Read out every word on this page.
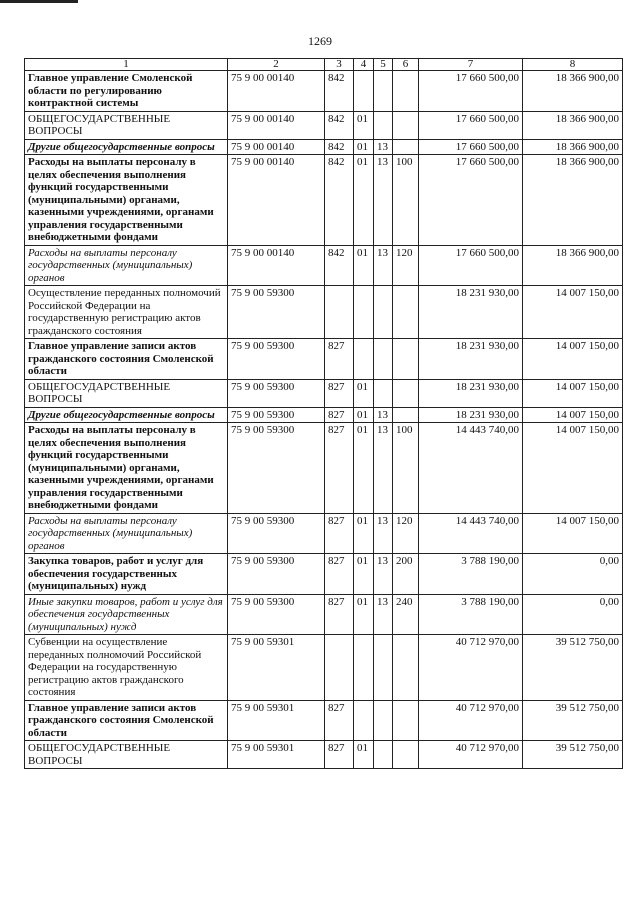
1269
1	2	3	4	5	6	7	8
Главное управление Смоленской области по регулированию контрактной системы	75 9 00 00140	842				17 660 500,00	18 366 900,00
ОБЩЕГОСУДАРСТВЕННЫЕ ВОПРОСЫ	75 9 00 00140	842	01			17 660 500,00	18 366 900,00
Другие общегосударственные вопросы	75 9 00 00140	842	01	13		17 660 500,00	18 366 900,00
Расходы на выплаты персоналу в целях обеспечения выполнения функций государственными (муниципальными) органами, казенными учреждениями, органами управления государственными внебюджетными фондами	75 9 00 00140	842	01	13	100	17 660 500,00	18 366 900,00
Расходы на выплаты персоналу государственных (муниципальных) органов	75 9 00 00140	842	01	13	120	17 660 500,00	18 366 900,00
Осуществление переданных полномочий Российской Федерации на государственную регистрацию актов гражданского состояния	75 9 00 59300					18 231 930,00	14 007 150,00
Главное управление записи актов гражданского состояния Смоленской области	75 9 00 59300	827				18 231 930,00	14 007 150,00
ОБЩЕГОСУДАРСТВЕННЫЕ ВОПРОСЫ	75 9 00 59300	827	01			18 231 930,00	14 007 150,00
Другие общегосударственные вопросы	75 9 00 59300	827	01	13		18 231 930,00	14 007 150,00
Расходы на выплаты персоналу в целях обеспечения выполнения функций государственными (муниципальными) органами, казенными учреждениями, органами управления государственными внебюджетными фондами	75 9 00 59300	827	01	13	100	14 443 740,00	14 007 150,00
Расходы на выплаты персоналу государственных (муниципальных) органов	75 9 00 59300	827	01	13	120	14 443 740,00	14 007 150,00
Закупка товаров, работ и услуг для обеспечения государственных (муниципальных) нужд	75 9 00 59300	827	01	13	200	3 788 190,00	0,00
Иные закупки товаров, работ и услуг для обеспечения государственных (муниципальных) нужд	75 9 00 59300	827	01	13	240	3 788 190,00	0,00
Субвенции на осуществление переданных полномочий Российской Федерации на государственную регистрацию актов гражданского состояния	75 9 00 59301					40 712 970,00	39 512 750,00
Главное управление записи актов гражданского состояния Смоленской области	75 9 00 59301	827				40 712 970,00	39 512 750,00
ОБЩЕГОСУДАРСТВЕННЫЕ ВОПРОСЫ	75 9 00 59301	827	01			40 712 970,00	39 512 750,00
